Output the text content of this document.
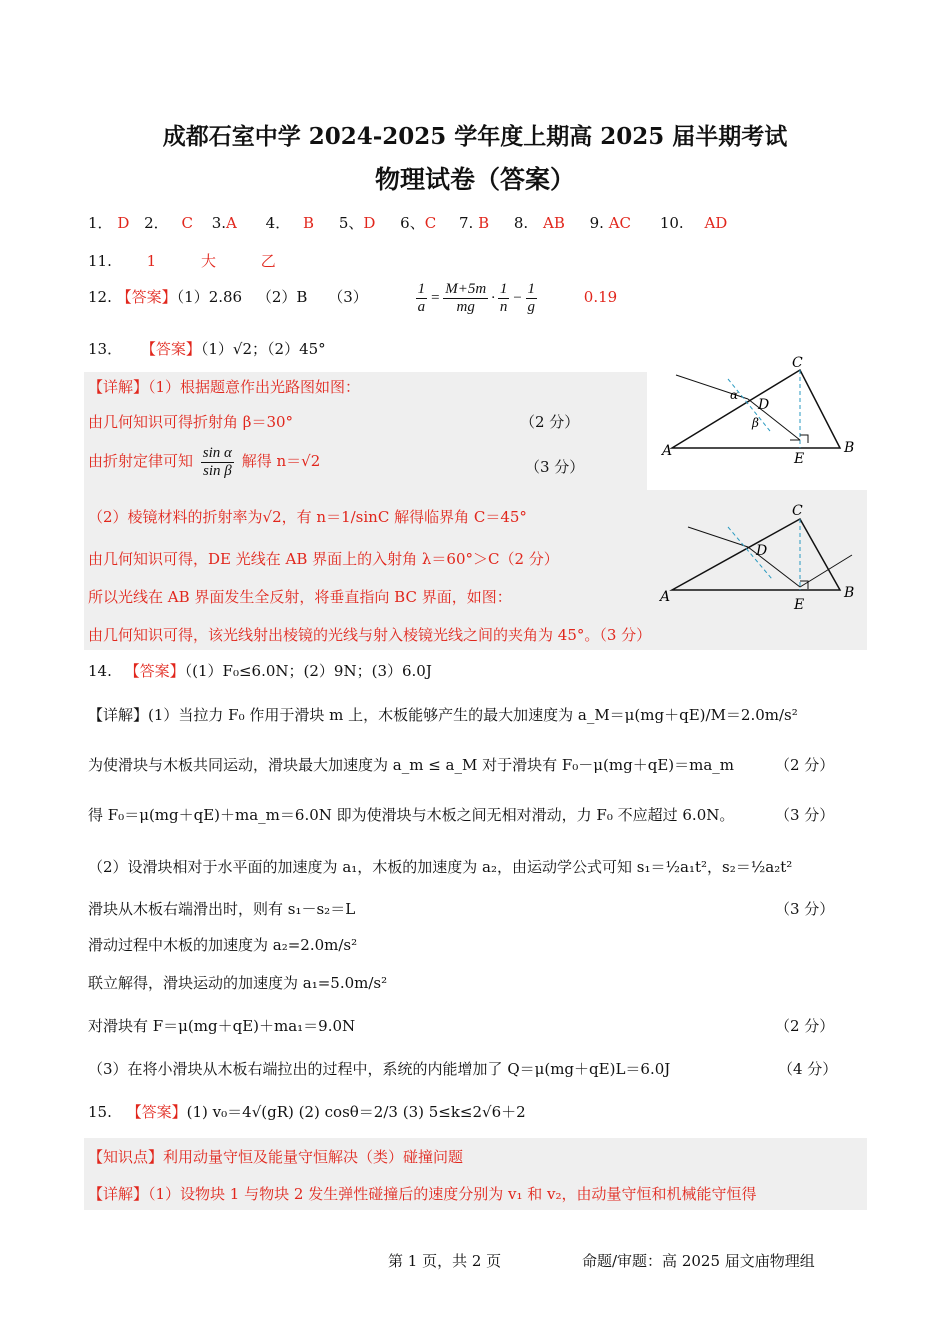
成都石室中学 2024-2025 学年度上期高 2025 届半期考试
物理试卷（答案）
1． D 2． C 3.A 4． B 5、D 6、C 7. B 8. AB 9. AC 10. AD
11. 1	大	乙
12. 【答案】（1）2.86 （2）B （3）	$\frac{1}{a} = \frac{M+5m}{mg} \cdot \frac{1}{n} - \frac{1}{g}$	0.19
13． 【答案】（1）√2；（2）45°
【详解】（1）根据题意作出光路图如图：
由几何知识可得折射角 β＝30°	（2 分）
由折射定律可知 $\frac{\text{sin α}}{\text{sin β}}$ 解得 n＝√2	（3 分）
（2）棱镜材料的折射率为√2，有 n＝1/sinC 解得临界角 C＝45°
由几何知识可得，DE 光线在 AB 界面上的入射角 λ＝60°＞C（2 分）
所以光线在 AB 界面发生全反射，将垂直指向 BC 界面，如图：
由几何知识可得，该光线射出棱镜的光线与射入棱镜光线之间的夹角为 45°。（3 分）
C
A	B
D
E
α
β
C
A	B
D
E
14. 【答案】（(1）F₀≤6.0N；(2）9N；(3）6.0J
【详解】(1）当拉力 F₀ 作用于滑块 m 上，木板能够产生的最大加速度为 a_M＝μ(mg＋qE)/M＝2.0m/s²
为使滑块与木板共同运动，滑块最大加速度为 a_m ≤ a_M 对于滑块有 F₀－μ(mg＋qE)＝ma_m	（2 分）
得 F₀＝μ(mg＋qE)＋ma_m＝6.0N 即为使滑块与木板之间无相对滑动，力 F₀ 不应超过 6.0N。	（3 分）
（2）设滑块相对于水平面的加速度为 a₁，木板的加速度为 a₂，由运动学公式可知 s₁＝½a₁t²，s₂＝½a₂t²
滑块从木板右端滑出时，则有 s₁－s₂＝L	（3 分）
滑动过程中木板的加速度为 a₂=2.0m/s²
联立解得，滑块运动的加速度为 a₁=5.0m/s²
对滑块有 F＝μ(mg＋qE)＋ma₁＝9.0N	（2 分）
（3）在将小滑块从木板右端拉出的过程中，系统的内能增加了 Q＝μ(mg＋qE)L＝6.0J	（4 分）
15. 【答案】(1) v₀＝4√(gR) (2) cosθ＝2/3 (3) 5≤k≤2√6＋2
【知识点】利用动量守恒及能量守恒解决（类）碰撞问题
【详解】（1）设物块 1 与物块 2 发生弹性碰撞后的速度分别为 v₁ 和 v₂，由动量守恒和机械能守恒得
第 1 页，共 2 页	命题/审题：高 2025 届文庙物理组
